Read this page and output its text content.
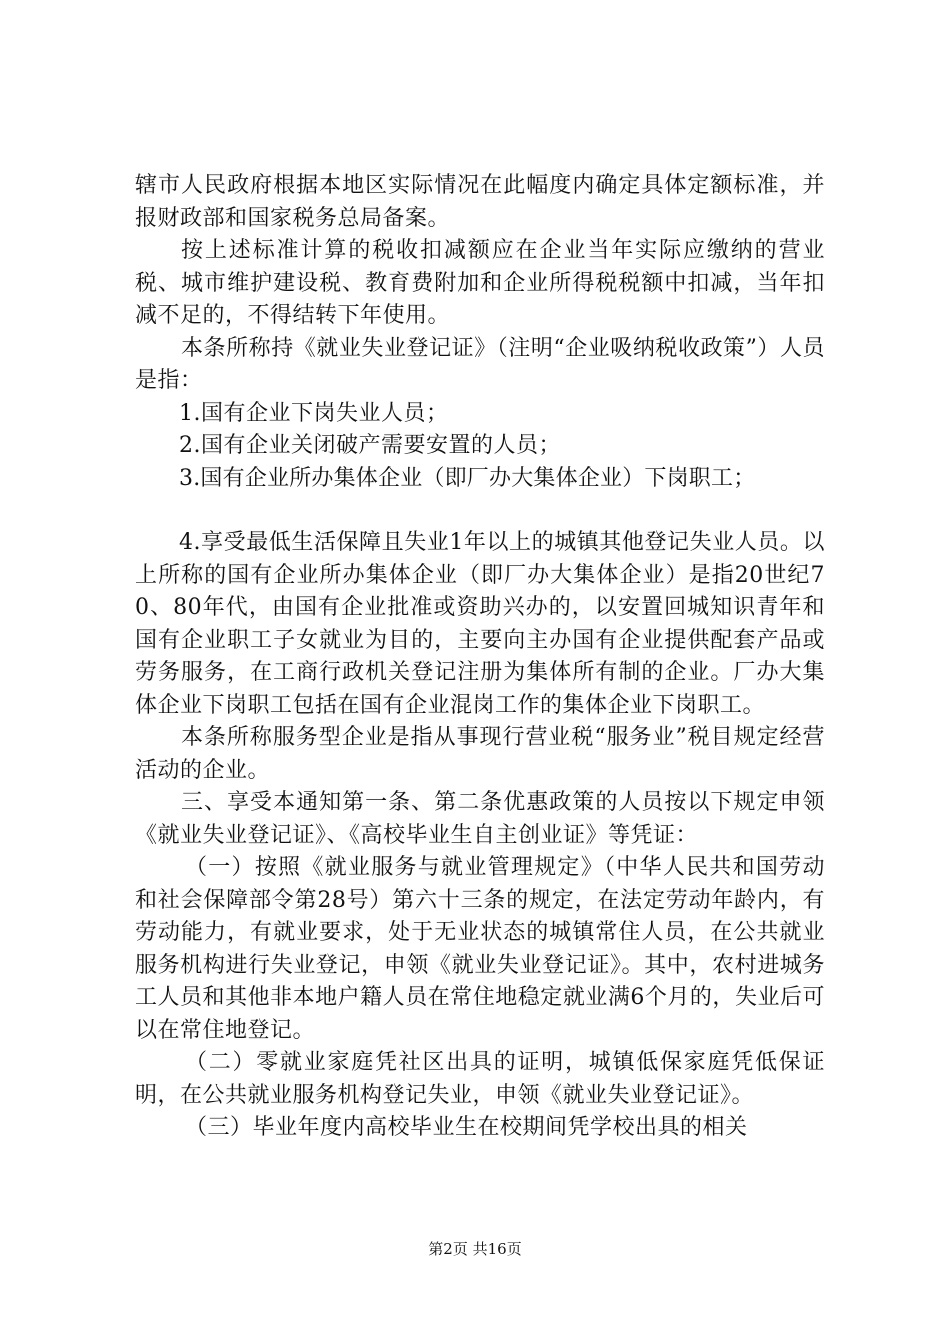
辖市人民政府根据本地区实际情况在此幅度内确定具体定额标准，并报财政部和国家税务总局备案。

按上述标准计算的税收扣减额应在企业当年实际应缴纳的营业税、城市维护建设税、教育费附加和企业所得税税额中扣减，当年扣减不足的，不得结转下年使用。

本条所称持《就业失业登记证》（注明“企业吸纳税收政策”）人员是指：

1.国有企业下岗失业人员；

2.国有企业关闭破产需要安置的人员；

3.国有企业所办集体企业（即厂办大集体企业）下岗职工；

4.享受最低生活保障且失业1年以上的城镇其他登记失业人员。以上所称的国有企业所办集体企业（即厂办大集体企业）是指20世纪70、80年代，由国有企业批准或资助兴办的，以安置回城知识青年和国有企业职工子女就业为目的，主要向主办国有企业提供配套产品或劳务服务，在工商行政机关登记注册为集体所有制的企业。厂办大集体企业下岗职工包括在国有企业混岗工作的集体企业下岗职工。

本条所称服务型企业是指从事现行营业税“服务业”税目规定经营活动的企业。

三、享受本通知第一条、第二条优惠政策的人员按以下规定申领《就业失业登记证》、《高校毕业生自主创业证》等凭证：

（一）按照《就业服务与就业管理规定》（中华人民共和国劳动和社会保障部令第28号）第六十三条的规定，在法定劳动年龄内，有劳动能力，有就业要求，处于无业状态的城镇常住人员，在公共就业服务机构进行失业登记，申领《就业失业登记证》。其中，农村进城务工人员和其他非本地户籍人员在常住地稳定就业满6个月的，失业后可以在常住地登记。

（二）零就业家庭凭社区出具的证明，城镇低保家庭凭低保证明，在公共就业服务机构登记失业，申领《就业失业登记证》。

（三）毕业年度内高校毕业生在校期间凭学校出具的相关

第2页 共16页
